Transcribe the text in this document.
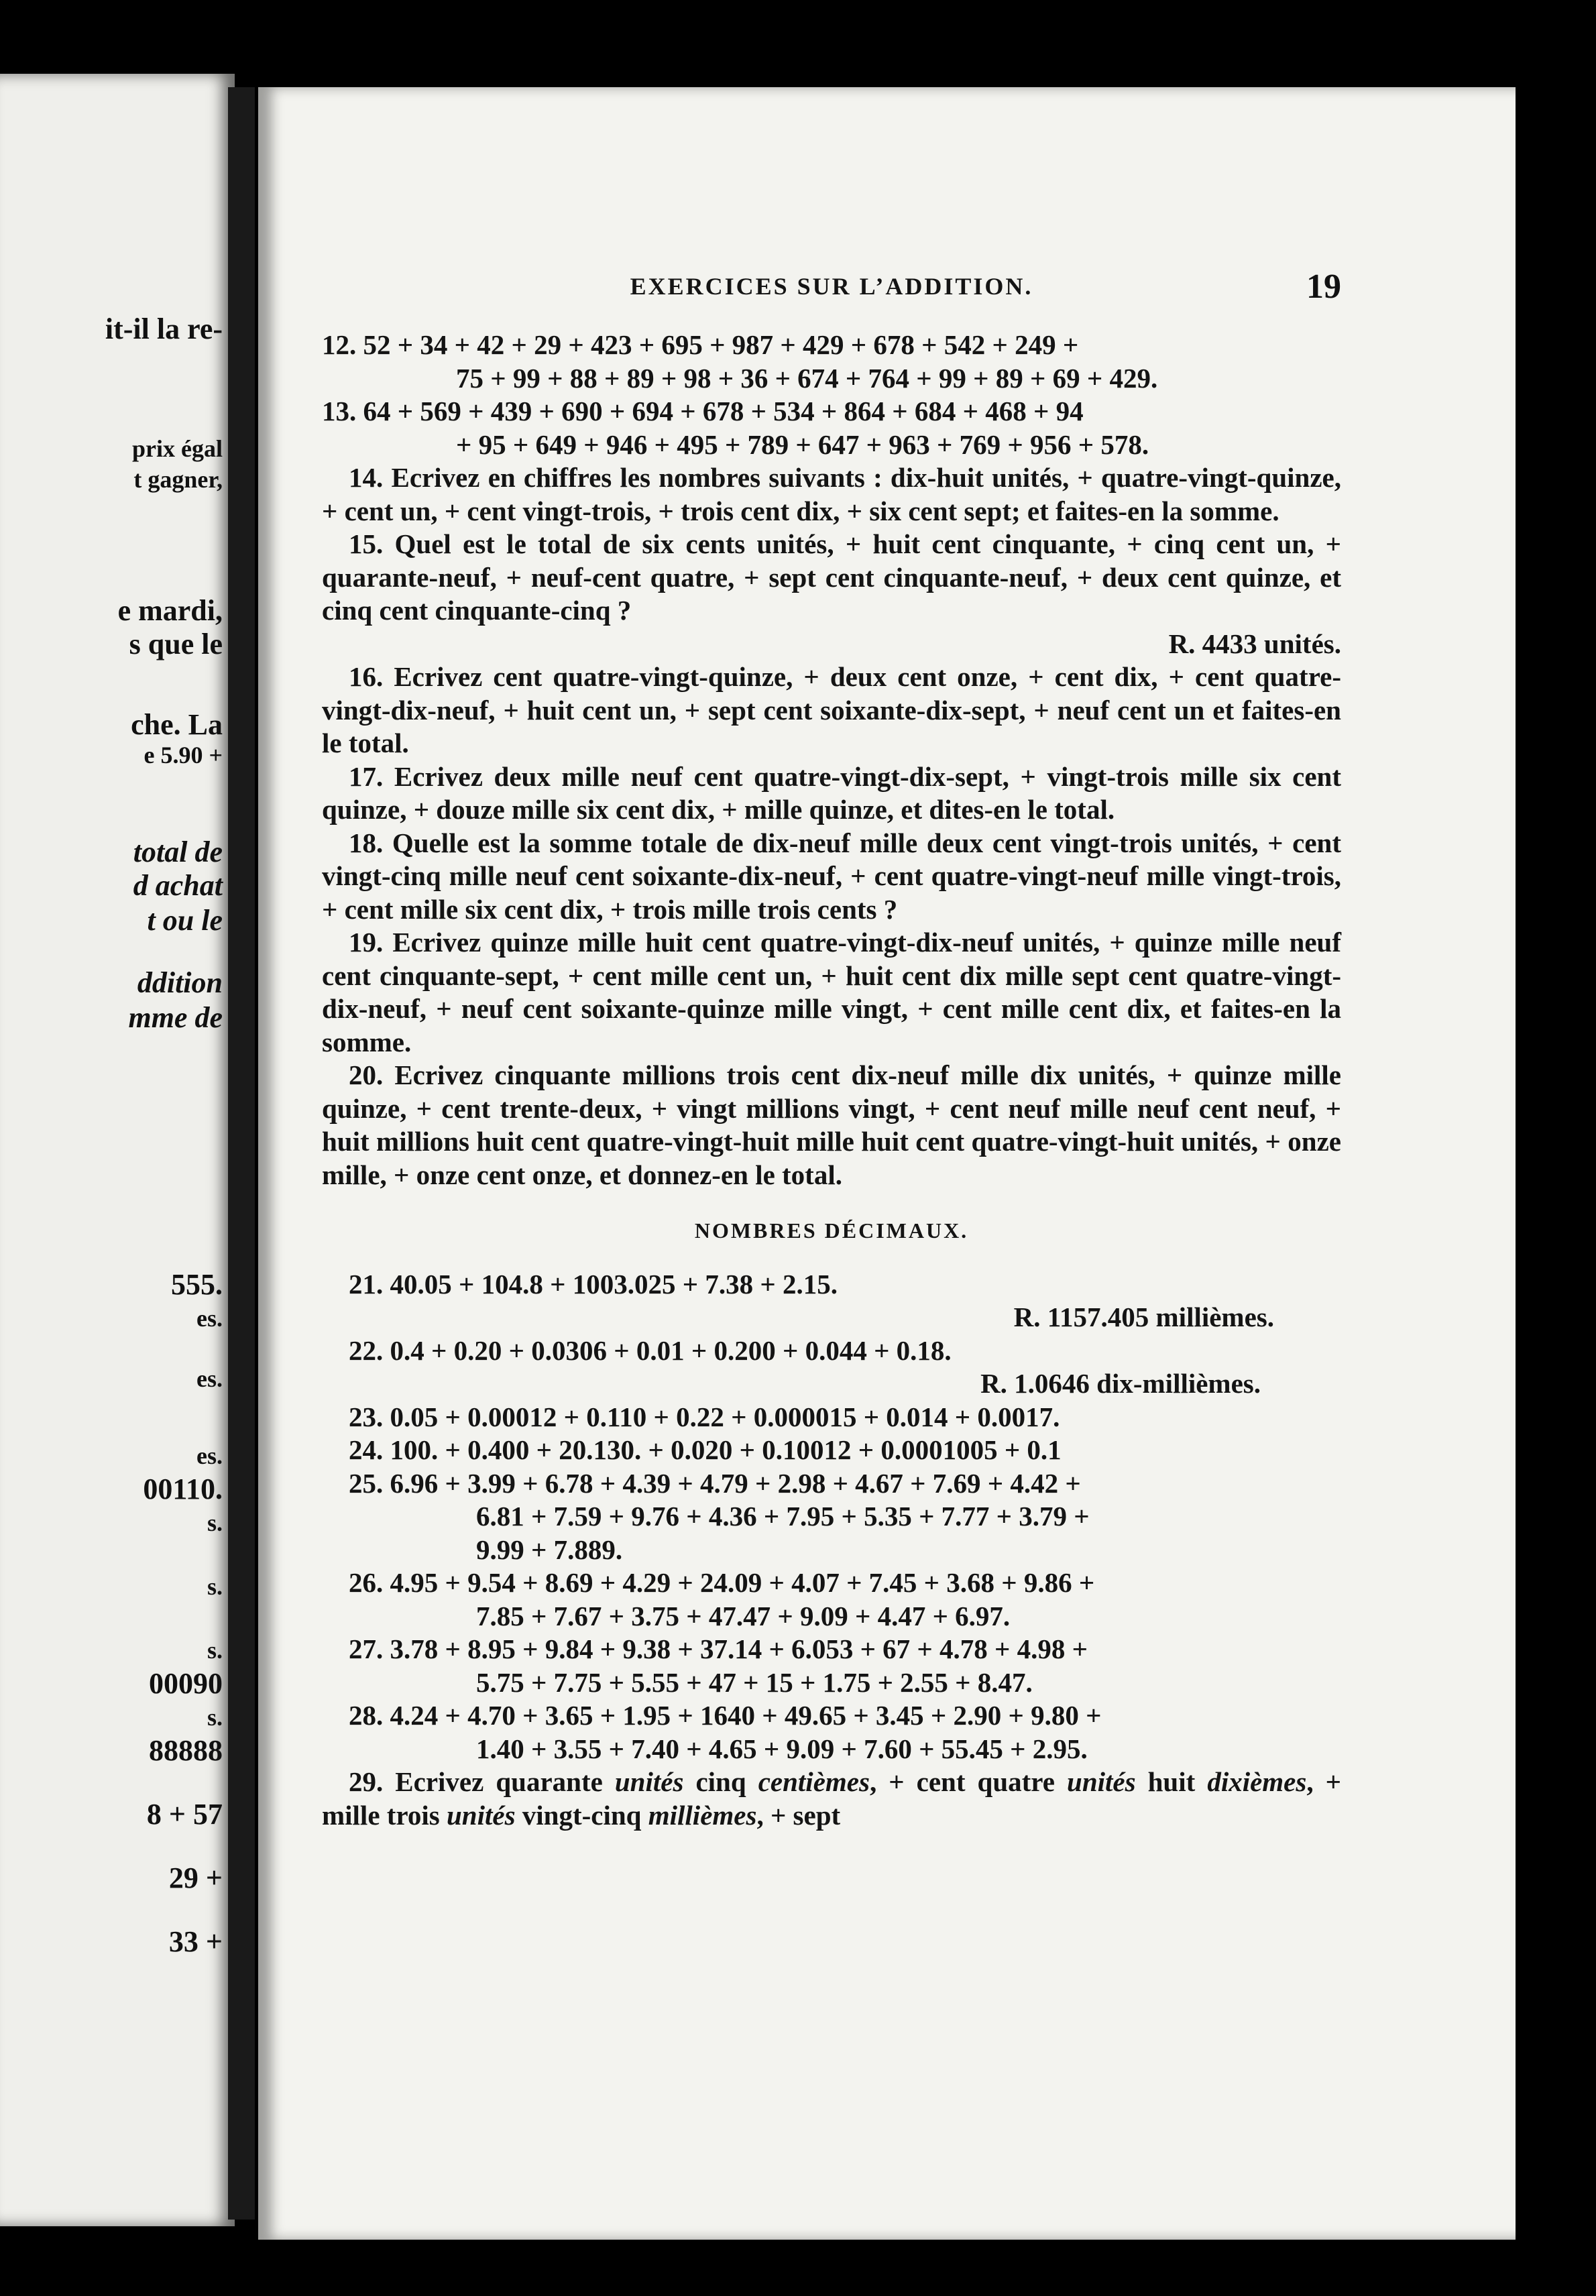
it-il la re-
prix égal
t gagner,
e mardi,
s que le
che. La
e 5.90 +
total de
d achat
t ou le
ddition
mme de
555.
es.
es.
es.
00110.
s.
s.
s.
00090
s.
88888
8 + 57
29 +
33 +
EXERCICES SUR L’ADDITION.	19

12. 52 + 34 + 42 + 29 + 423 + 695 + 987 + 429 + 678 + 542 + 249 +

75 + 99 + 88 + 89 + 98 + 36 + 674 + 764 + 99 + 89 + 69 + 429.

13. 64 + 569 + 439 + 690 + 694 + 678 + 534 + 864 + 684 + 468 + 94

+ 95 + 649 + 946 + 495 + 789 + 647 + 963 + 769 + 956 + 578.

14. Ecrivez en chiffres les nombres suivants : dix-huit unités, + quatre-vingt-quinze, + cent un, + cent vingt-trois, + trois cent dix, + six cent sept; et faites-en la somme.

15. Quel est le total de six cents unités, + huit cent cinquante, + cinq cent un, + quarante-neuf, + neuf-cent quatre, + sept cent cinquante-neuf, + deux cent quinze, et cinq cent cinquante-cinq ?

R. 4433 unités.

16. Ecrivez cent quatre-vingt-quinze, + deux cent onze, + cent dix, + cent quatre-vingt-dix-neuf, + huit cent un, + sept cent soixante-dix-sept, + neuf cent un et faites-en le total.

17. Ecrivez deux mille neuf cent quatre-vingt-dix-sept, + vingt-trois mille six cent quinze, + douze mille six cent dix, + mille quinze, et dites-en le total.

18. Quelle est la somme totale de dix-neuf mille deux cent vingt-trois unités, + cent vingt-cinq mille neuf cent soixante-dix-neuf, + cent quatre-vingt-neuf mille vingt-trois, + cent mille six cent dix, + trois mille trois cents ?

19. Ecrivez quinze mille huit cent quatre-vingt-dix-neuf unités, + quinze mille neuf cent cinquante-sept, + cent mille cent un, + huit cent dix mille sept cent quatre-vingt-dix-neuf, + neuf cent soixante-quinze mille vingt, + cent mille cent dix, et faites-en la somme.

20. Ecrivez cinquante millions trois cent dix-neuf mille dix unités, + quinze mille quinze, + cent trente-deux, + vingt millions vingt, + cent neuf mille neuf cent neuf, + huit millions huit cent quatre-vingt-huit mille huit cent quatre-vingt-huit unités, + onze mille, + onze cent onze, et donnez-en le total.

NOMBRES DÉCIMAUX.

21. 40.05 + 104.8 + 1003.025 + 7.38 + 2.15.

R. 1157.405 millièmes.

22. 0.4 + 0.20 + 0.0306 + 0.01 + 0.200 + 0.044 + 0.18.

R. 1.0646 dix-millièmes.

23. 0.05 + 0.00012 + 0.110 + 0.22 + 0.000015 + 0.014 + 0.0017.

24. 100. + 0.400 + 20.130. + 0.020 + 0.10012 + 0.0001005 + 0.1

25. 6.96 + 3.99 + 6.78 + 4.39 + 4.79 + 2.98 + 4.67 + 7.69 + 4.42 +

6.81 + 7.59 + 9.76 + 4.36 + 7.95 + 5.35 + 7.77 + 3.79 +

9.99 + 7.889.

26. 4.95 + 9.54 + 8.69 + 4.29 + 24.09 + 4.07 + 7.45 + 3.68 + 9.86 +

7.85 + 7.67 + 3.75 + 47.47 + 9.09 + 4.47 + 6.97.

27. 3.78 + 8.95 + 9.84 + 9.38 + 37.14 + 6.053 + 67 + 4.78 + 4.98 +

5.75 + 7.75 + 5.55 + 47 + 15 + 1.75 + 2.55 + 8.47.

28. 4.24 + 4.70 + 3.65 + 1.95 + 1640 + 49.65 + 3.45 + 2.90 + 9.80 +

1.40 + 3.55 + 7.40 + 4.65 + 9.09 + 7.60 + 55.45 + 2.95.

29. Ecrivez quarante unités cinq centièmes, + cent quatre unités huit dixièmes, + mille trois unités vingt-cinq millièmes, + sept
